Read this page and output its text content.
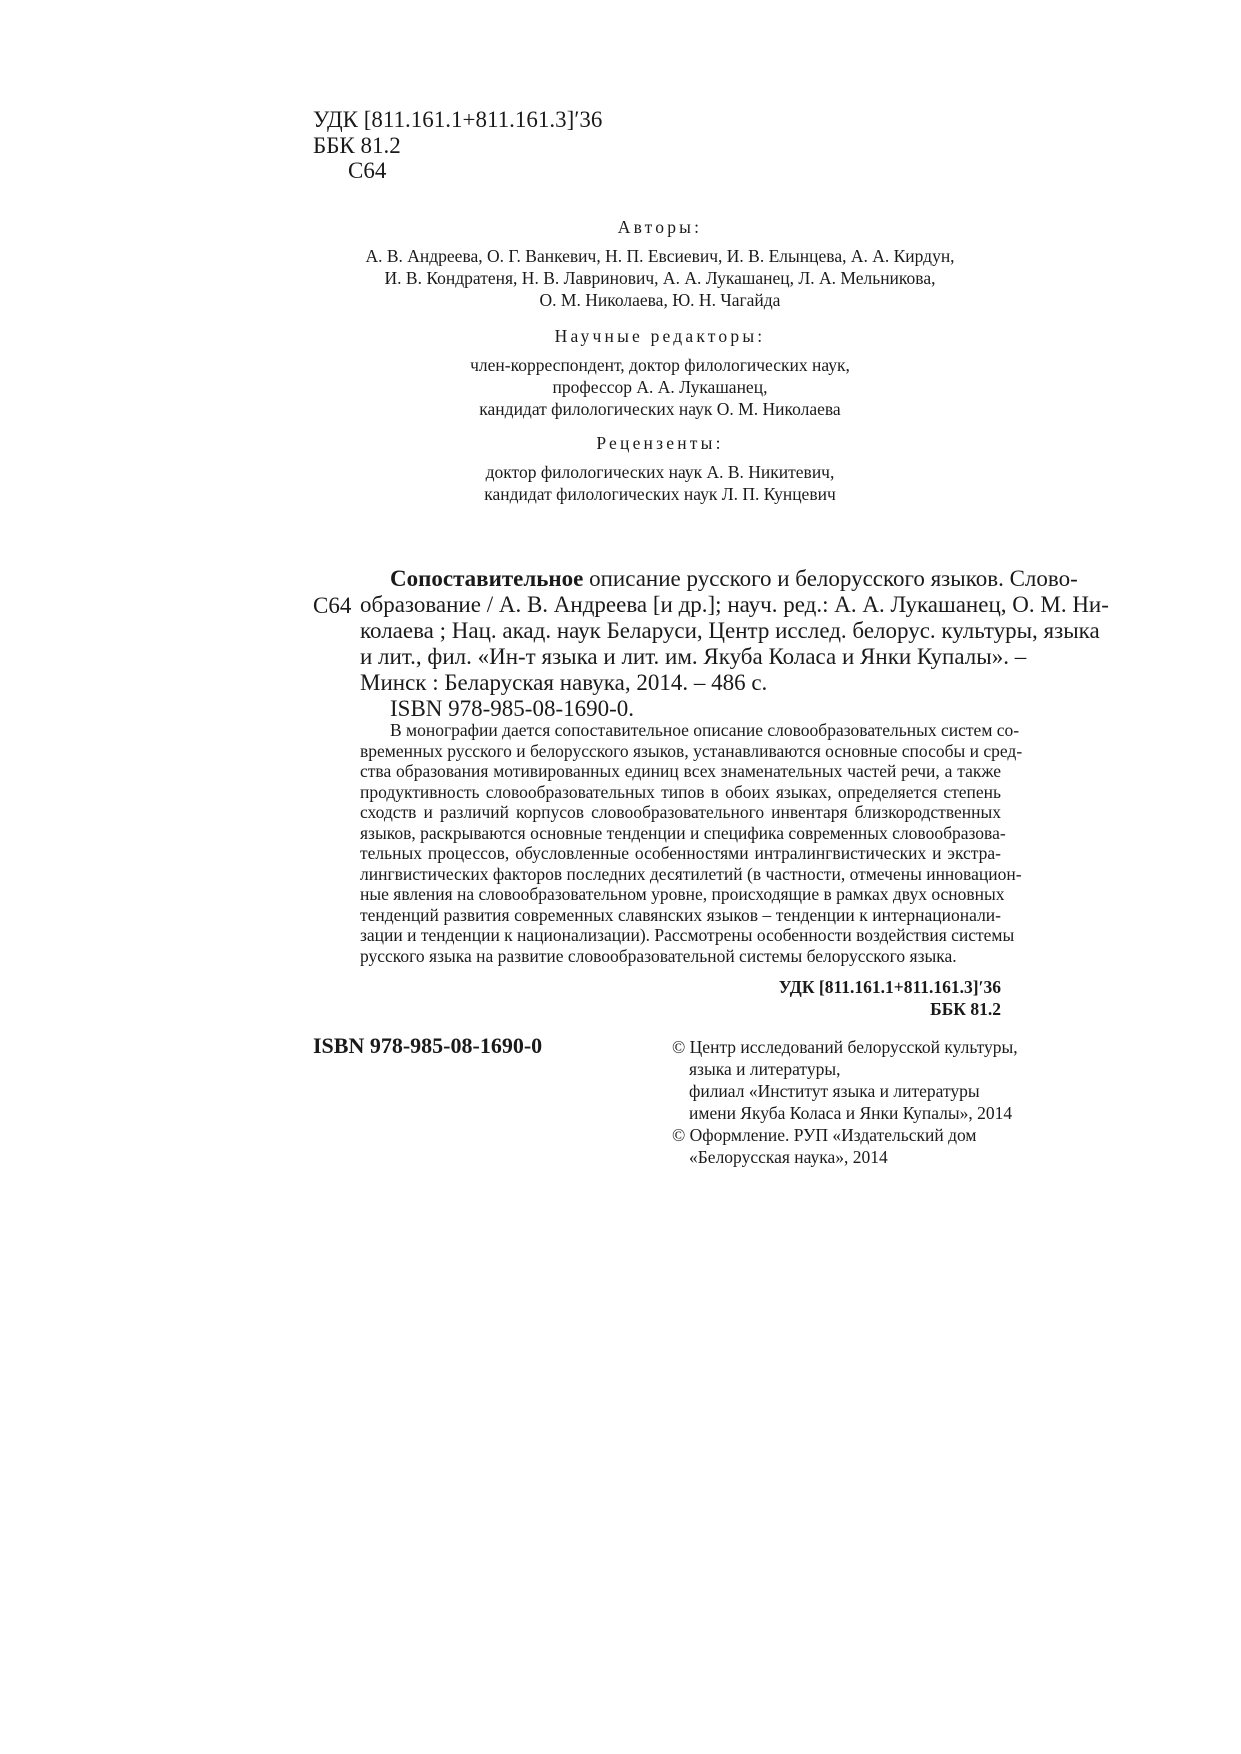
УДК [811.161.1+811.161.3]ʹ36
ББК 81.2
С64
Авторы:
А. В. Андреева, О. Г. Ванкевич, Н. П. Евсиевич, И. В. Елынцева, А. А. Кирдун,
И. В. Кондратеня, Н. В. Лавринович, А. А. Лукашанец, Л. А. Мельникова,
О. М. Николаева, Ю. Н. Чагайда
Научные редакторы:
член-корреспондент, доктор филологических наук,
профессор А. А. Лукашанец,
кандидат филологических наук О. М. Николаева
Рецензенты:
доктор филологических наук А. В. Никитевич,
кандидат филологических наук Л. П. Кунцевич
С64
Сопоставительное описание русского и белорусского языков. Слово-
образование / А. В. Андреева [и др.]; науч. ред.: А. А. Лукашанец, О. М. Ни-
колаева ; Нац. акад. наук Беларуси, Центр исслед. белорус. культуры, языка
и лит., фил. «Ин-т языка и лит. им. Якуба Коласа и Янки Купалы». –
Минск : Беларуская навука, 2014. – 486 с.
ISBN 978-985-08-1690-0.
В монографии дается сопоставительное описание словообразовательных систем со-
временных русского и белорусского языков, устанавливаются основные способы и сред-
ства образования мотивированных единиц всех знаменательных частей речи, а также
продуктивность словообразовательных типов в обоих языках, определяется степень
сходств и различий корпусов словообразовательного инвентаря близкородственных
языков, раскрываются основные тенденции и специфика современных словообразова-
тельных процессов, обусловленные особенностями интралингвистических и экстра-
лингвистических факторов последних десятилетий (в частности, отмечены инновацион-
ные явления на словообразовательном уровне, происходящие в рамках двух основных
тенденций развития современных славянских языков – тенденции к интернационали-
зации и тенденции к национализации). Рассмотрены особенности воздействия системы
русского языка на развитие словообразовательной системы белорусского языка.
УДК [811.161.1+811.161.3]ʹ36
ББК 81.2
ISBN 978-985-08-1690-0	© Центр исследований белорусской культуры,
языка и литературы,
филиал «Институт языка и литературы
имени Якуба Коласа и Янки Купалы», 2014
© Оформление. РУП «Издательский дом
«Белорусская наука», 2014
